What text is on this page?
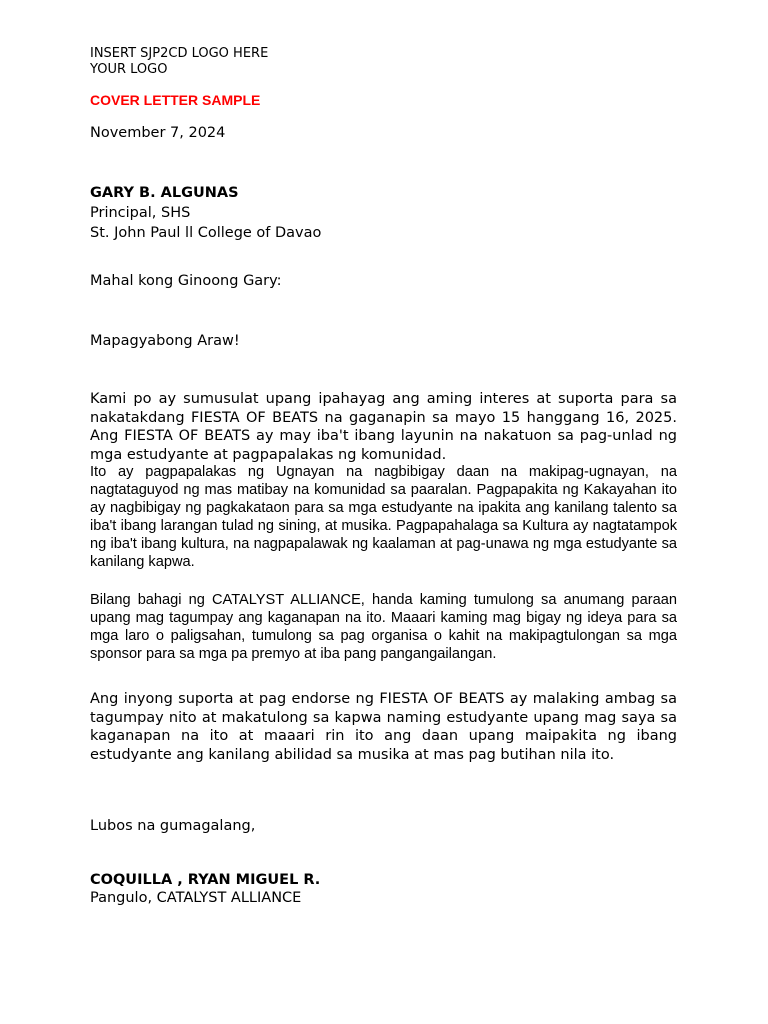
INSERT SJP2CD LOGO HERE
YOUR LOGO
COVER LETTER SAMPLE
November 7, 2024
GARY B. ALGUNAS
Principal, SHS
St. John Paul ll College of Davao
Mahal kong Ginoong Gary:
Mapagyabong Araw!

Kami po ay sumusulat upang ipahayag ang aming interes at suporta para sa nakatakdang FIESTA OF BEATS na gaganapin sa mayo 15 hanggang 16, 2025. Ang FIESTA OF BEATS ay may iba't ibang layunin na nakatuon sa pag-unlad ng mga estudyante at pagpapalakas ng komunidad.

Ito ay pagpapalakas ng Ugnayan na nagbibigay daan na makipag-ugnayan, na nagtataguyod ng mas matibay na komunidad sa paaralan. Pagpapakita ng Kakayahan ito ay nagbibigay ng pagkakataon para sa mga estudyante na ipakita ang kanilang talento sa iba't ibang larangan tulad ng sining, at musika. Pagpapahalaga sa Kultura ay nagtatampok ng iba't ibang kultura, na nagpapalawak ng kaalaman at pag-unawa ng mga estudyante sa kanilang kapwa.

Bilang bahagi ng CATALYST ALLIANCE, handa kaming tumulong sa anumang paraan upang mag tagumpay ang kaganapan na ito. Maaari kaming mag bigay ng ideya para sa mga laro o paligsahan, tumulong sa pag organisa o kahit na makipagtulongan sa mga sponsor para sa mga pa premyo at iba pang pangangailangan.

Ang inyong suporta at pag endorse ng FIESTA OF BEATS ay malaking ambag sa tagumpay nito at makatulong sa kapwa naming estudyante upang mag saya sa kaganapan na ito at maaari rin ito ang daan upang maipakita ng ibang estudyante ang kanilang abilidad sa musika at mas pag butihan nila ito.

Lubos na gumagalang,
COQUILLA , RYAN MIGUEL R.
Pangulo, CATALYST ALLIANCE
